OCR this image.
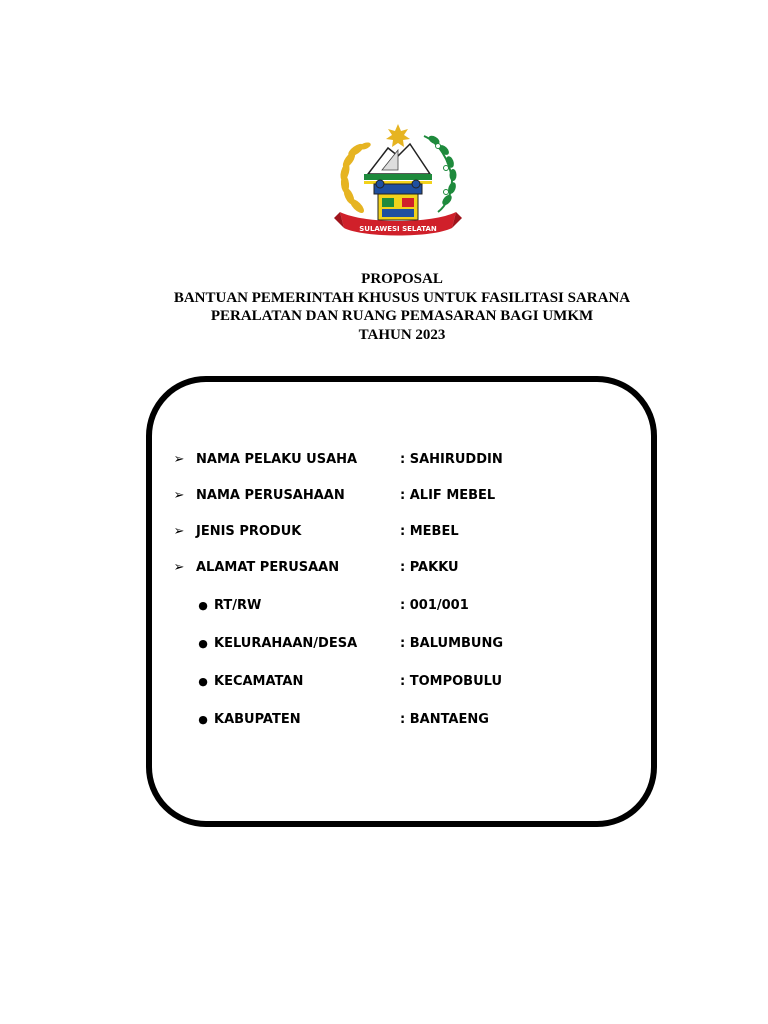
SULAWESI SELATAN
PROPOSAL
BANTUAN PEMERINTAH KHUSUS UNTUK FASILITASI SARANA
PERALATAN DAN RUANG PEMASARAN BAGI UMKM
TAHUN 2023
➢ NAMA PELAKU USAHA	: SAHIRUDDIN
➢ NAMA PERUSAHAAN	: ALIF MEBEL
➢ JENIS PRODUK	: MEBEL
➢ ALAMAT PERUSAAN	: PAKKU
● RT/RW	: 001/001
● KELURAHAAN/DESA	: BALUMBUNG
● KECAMATAN	: TOMPOBULU
● KABUPATEN	: BANTAENG
